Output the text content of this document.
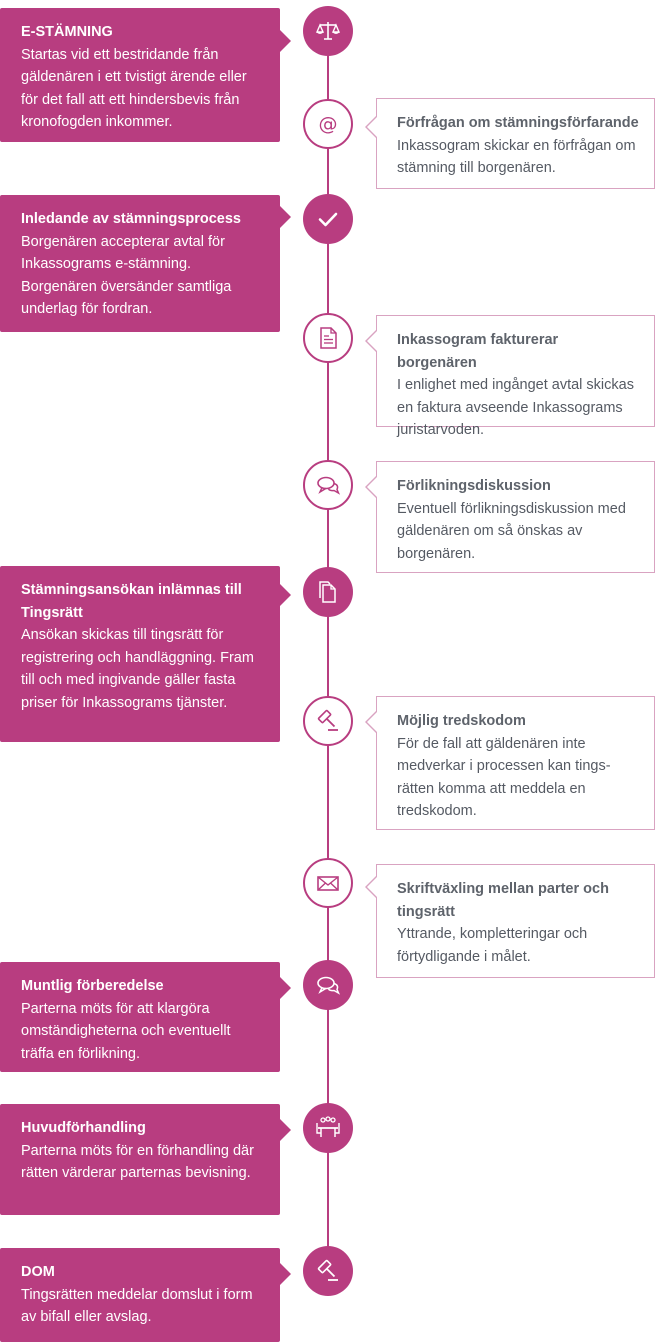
E-STÄMNING
Startas vid ett bestridande från gäldenären i ett tvistigt ärende eller för det fall att ett hindersbevis från kronofogden inkommer.	Förfrågan om stämningsförfarande
Inkassogram skickar en förfrågan om stämning till borgenären.
@
Inledande av stämningsprocess
Borgenären accepterar avtal för Inkassograms e-stämning. Borgenären översänder samtliga underlag för fordran.
Inkassogram fakturerar borgenären
I enlighet med ingånget avtal skickas en faktura avseende Inkassograms juristarvoden.
Förlikningsdiskussion
Eventuell förlikningsdiskussion med gäldenären om så önskas av borgenären.
Stämningsansökan inlämnas till Tingsrätt
Ansökan skickas till tingsrätt för registrering och handläggning. Fram till och med ingivande gäller fasta priser för Inkassograms tjänster.
Möjlig tredskodom
För de fall att gäldenären inte medverkar i processen kan tings-rätten komma att meddela en tredskodom.
Skriftväxling mellan parter och tingsrätt
Yttrande, kompletteringar och förtydligande i målet.
Muntlig förberedelse
Parterna möts för att klargöra omständigheterna och eventuellt träffa en förlikning.
Huvudförhandling
Parterna möts för en förhandling där rätten värderar parternas bevisning.
DOM
Tingsrätten meddelar domslut i form av bifall eller avslag.
